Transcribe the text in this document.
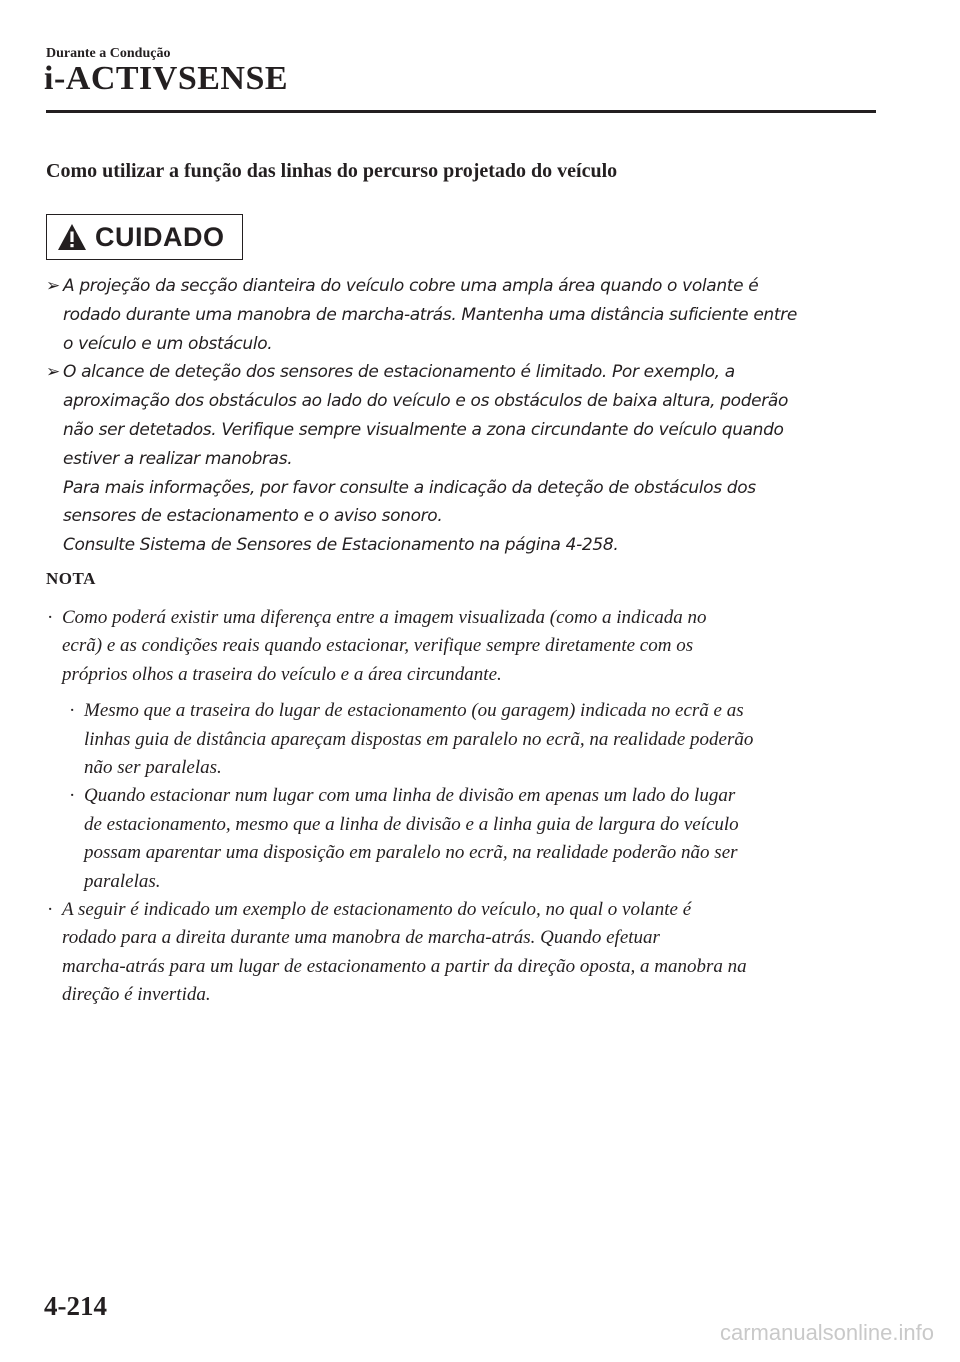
Durante a Condução
i-ACTIVSENSE
Como utilizar a função das linhas do percurso projetado do veículo
CUIDADO
➢ A projeção da secção dianteira do veículo cobre uma ampla área quando o volante é
rodado durante uma manobra de marcha-atrás. Mantenha uma distância suficiente entre
o veículo e um obstáculo.
➢ O alcance de deteção dos sensores de estacionamento é limitado. Por exemplo, a
aproximação dos obstáculos ao lado do veículo e os obstáculos de baixa altura, poderão
não ser detetados. Verifique sempre visualmente a zona circundante do veículo quando
estiver a realizar manobras.
Para mais informações, por favor consulte a indicação da deteção de obstáculos dos
sensores de estacionamento e o aviso sonoro.
Consulte Sistema de Sensores de Estacionamento na página 4-258.
NOTA
· Como poderá existir uma diferença entre a imagem visualizada (como a indicada no
ecrã) e as condições reais quando estacionar, verifique sempre diretamente com os
próprios olhos a traseira do veículo e a área circundante.
· Mesmo que a traseira do lugar de estacionamento (ou garagem) indicada no ecrã e as
linhas guia de distância apareçam dispostas em paralelo no ecrã, na realidade poderão
não ser paralelas.
· Quando estacionar num lugar com uma linha de divisão em apenas um lado do lugar
de estacionamento, mesmo que a linha de divisão e a linha guia de largura do veículo
possam aparentar uma disposição em paralelo no ecrã, na realidade poderão não ser
paralelas.
· A seguir é indicado um exemplo de estacionamento do veículo, no qual o volante é
rodado para a direita durante uma manobra de marcha-atrás. Quando efetuar
marcha-atrás para um lugar de estacionamento a partir da direção oposta, a manobra na
direção é invertida.
4-214
carmanualsonline.info
